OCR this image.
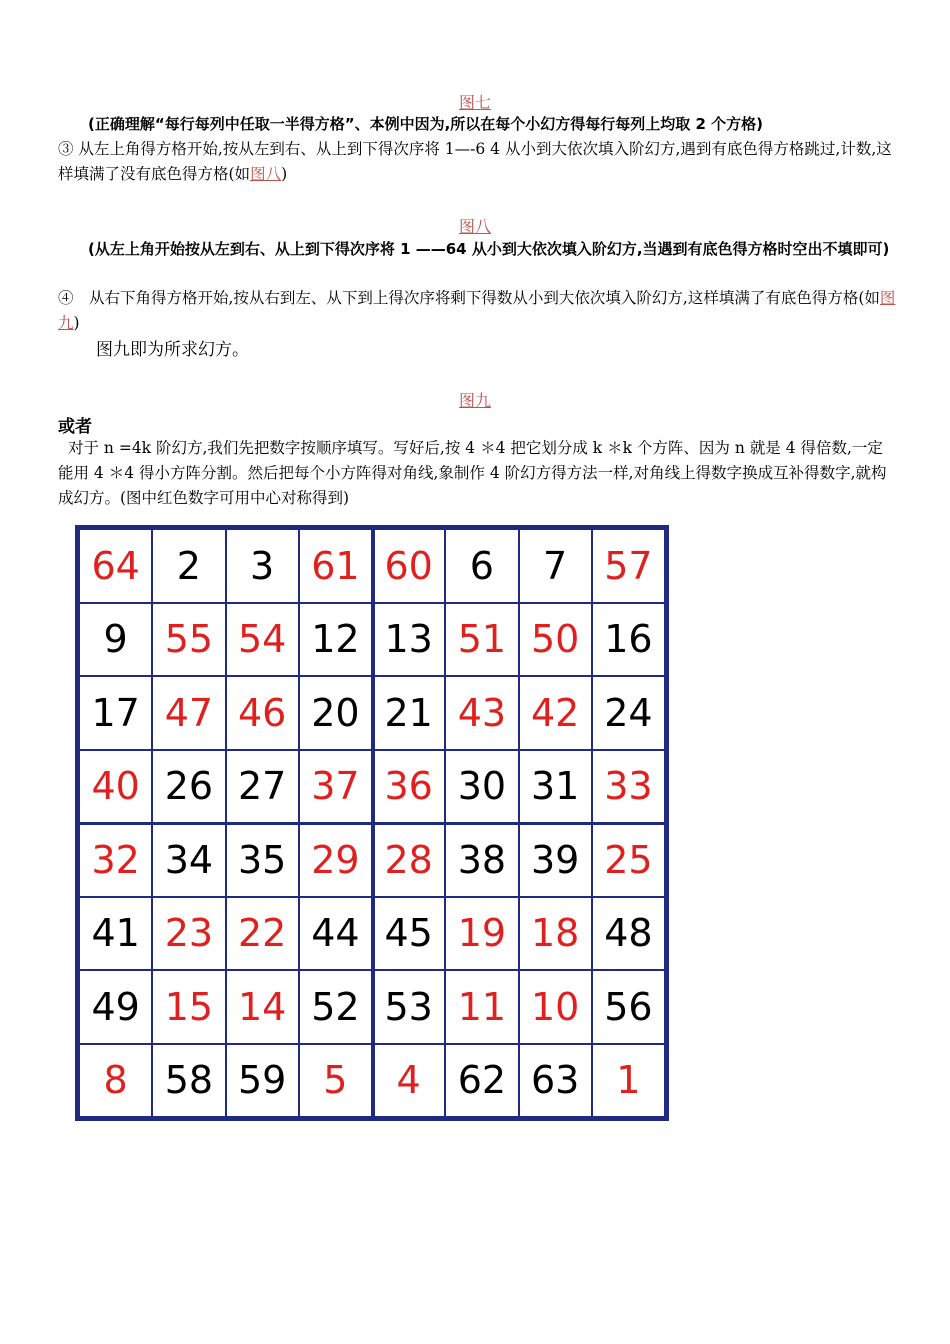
图七
(正确理解“每行每列中任取一半得方格”、本例中因为,所以在每个小幻方得每行每列上均取 2 个方格)
③ 从左上角得方格开始,按从左到右、从上到下得次序将 1—-6 4 从小到大依次填入阶幻方,遇到有底色得方格跳过,计数,这样填满了没有底色得方格(如图八)
图八
(从左上角开始按从左到右、从上到下得次序将 1 ——64 从小到大依次填入阶幻方,当遇到有底色得方格时空出不填即可)
④　从右下角得方格开始,按从右到左、从下到上得次序将剩下得数从小到大依次填入阶幻方,这样填满了有底色得方格(如图九)
图九即为所求幻方。
图九
或者
对于 n =4k 阶幻方,我们先把数字按顺序填写。写好后,按 4 ＊4 把它划分成 k ＊k 个方阵、因为 n 就是 4 得倍数,一定能用 4 ＊4 得小方阵分割。然后把每个小方阵得对角线,象制作 4 阶幻方得方法一样,对角线上得数字换成互补得数字,就构成幻方。(图中红色数字可用中心对称得到)
64	2	3	61	60	6	7	57
9	55	54	12	13	51	50	16
17	47	46	20	21	43	42	24
40	26	27	37	36	30	31	33
32	34	35	29	28	38	39	25
41	23	22	44	45	19	18	48
49	15	14	52	53	11	10	56
8	58	59	5	4	62	63	1
